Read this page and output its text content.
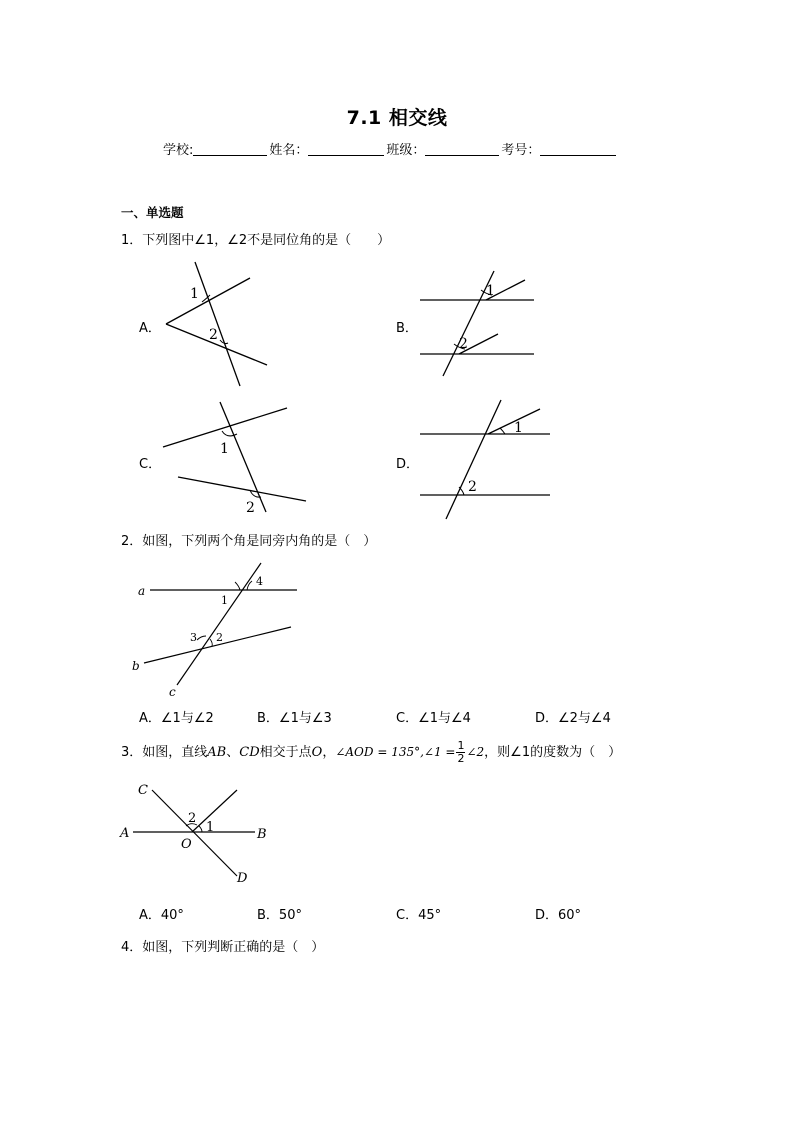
7.1 相交线
学校:	姓名：	班级：	考号：
一、单选题
1．下列图中∠1，∠2不是同位角的是（　　）
A．	B．
C．	D．
1
2
1
2
1
2
1
2
2．如图，下列两个角是同旁内角的是（　）
a
b
c
1
2
3
4
A．∠1与∠2	B．∠1与∠3	C．∠1与∠4	D．∠2与∠4
3．如图，直线AB、CD相交于点O，∠AOD = 135°,∠1 = $\frac{1}{2}$ ∠2，则∠1的度数为（　）
A	B
C
D
O
1
2
A．40°	B．50°	C．45°	D．60°
4．如图，下列判断正确的是（　）
